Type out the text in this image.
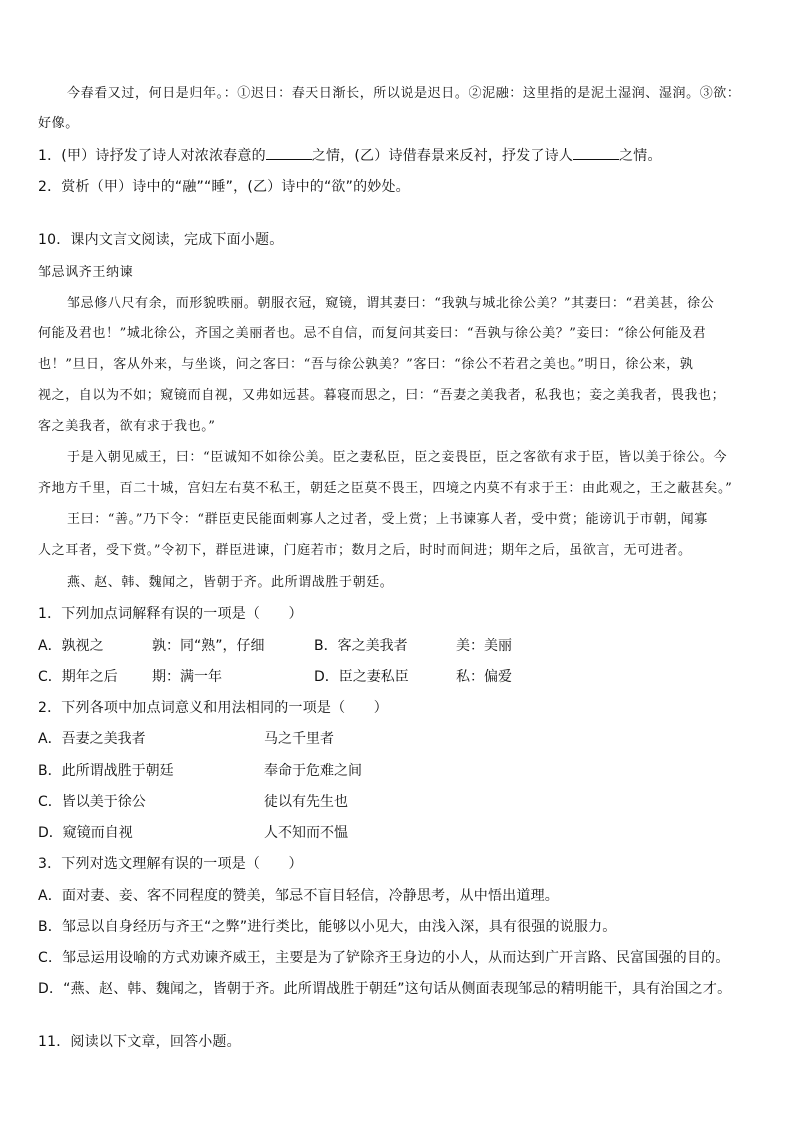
今春看又过，何日是归年。：①迟日：春天日渐长，所以说是迟日。②泥融：这里指的是泥土湿润、湿润。③欲：
好像。
1．(甲）诗抒发了诗人对浓浓春意的	之情，(乙）诗借春景来反衬，抒发了诗人	之情。
2．赏析（甲）诗中的“融”“睡”，(乙）诗中的“欲”的妙处。
10．课内文言文阅读，完成下面小题。
邹忌讽齐王纳谏
邹忌修八尺有余，而形貌昳丽。朝服衣冠，窥镜，谓其妻曰：“我孰与城北徐公美？”其妻曰：“君美甚，徐公
何能及君也！”城北徐公，齐国之美丽者也。忌不自信，而复问其妾曰：“吾孰与徐公美？”妾曰：“徐公何能及君
也！”旦日，客从外来，与坐谈，问之客曰：“吾与徐公孰美？”客曰：“徐公不若君之美也。”明日，徐公来，孰
视之，自以为不如；窥镜而自视，又弗如远甚。暮寝而思之，曰：“吾妻之美我者，私我也；妾之美我者，畏我也；
客之美我者，欲有求于我也。”
于是入朝见威王，曰：“臣诚知不如徐公美。臣之妻私臣，臣之妾畏臣，臣之客欲有求于臣，皆以美于徐公。今
齐地方千里，百二十城，宫妇左右莫不私王，朝廷之臣莫不畏王，四境之内莫不有求于王：由此观之，王之蔽甚矣。”
王曰：“善。”乃下令：“群臣吏民能面刺寡人之过者，受上赏；上书谏寡人者，受中赏；能谤讥于市朝，闻寡
人之耳者，受下赏。”令初下，群臣进谏，门庭若市；数月之后，时时而间进；期年之后，虽欲言，无可进者。
燕、赵、韩、魏闻之，皆朝于齐。此所谓战胜于朝廷。
1．下列加点词解释有误的一项是（　　）
A．孰视之	孰：同“熟”，仔细	B．客之美我者	美：美丽
C．期年之后 期：满一年	D．臣之妻私臣	私：偏爱
2．下列各项中加点词意义和用法相同的一项是（　　）
A．吾妻之美我者	马之千里者
B．此所谓战胜于朝廷	奉命于危难之间
C．皆以美于徐公	徒以有先生也
D．窥镜而自视	人不知而不愠
3．下列对选文理解有误的一项是（　　）
A．面对妻、妾、客不同程度的赞美，邹忌不盲目轻信，冷静思考，从中悟出道理。
B．邹忌以自身经历与齐王“之弊”进行类比，能够以小见大，由浅入深，具有很强的说服力。
C．邹忌运用设喻的方式劝谏齐威王，主要是为了铲除齐王身边的小人，从而达到广开言路、民富国强的目的。
D．“燕、赵、韩、魏闻之，皆朝于齐。此所谓战胜于朝廷”这句话从侧面表现邹忌的精明能干，具有治国之才。
11．阅读以下文章，回答小题。
